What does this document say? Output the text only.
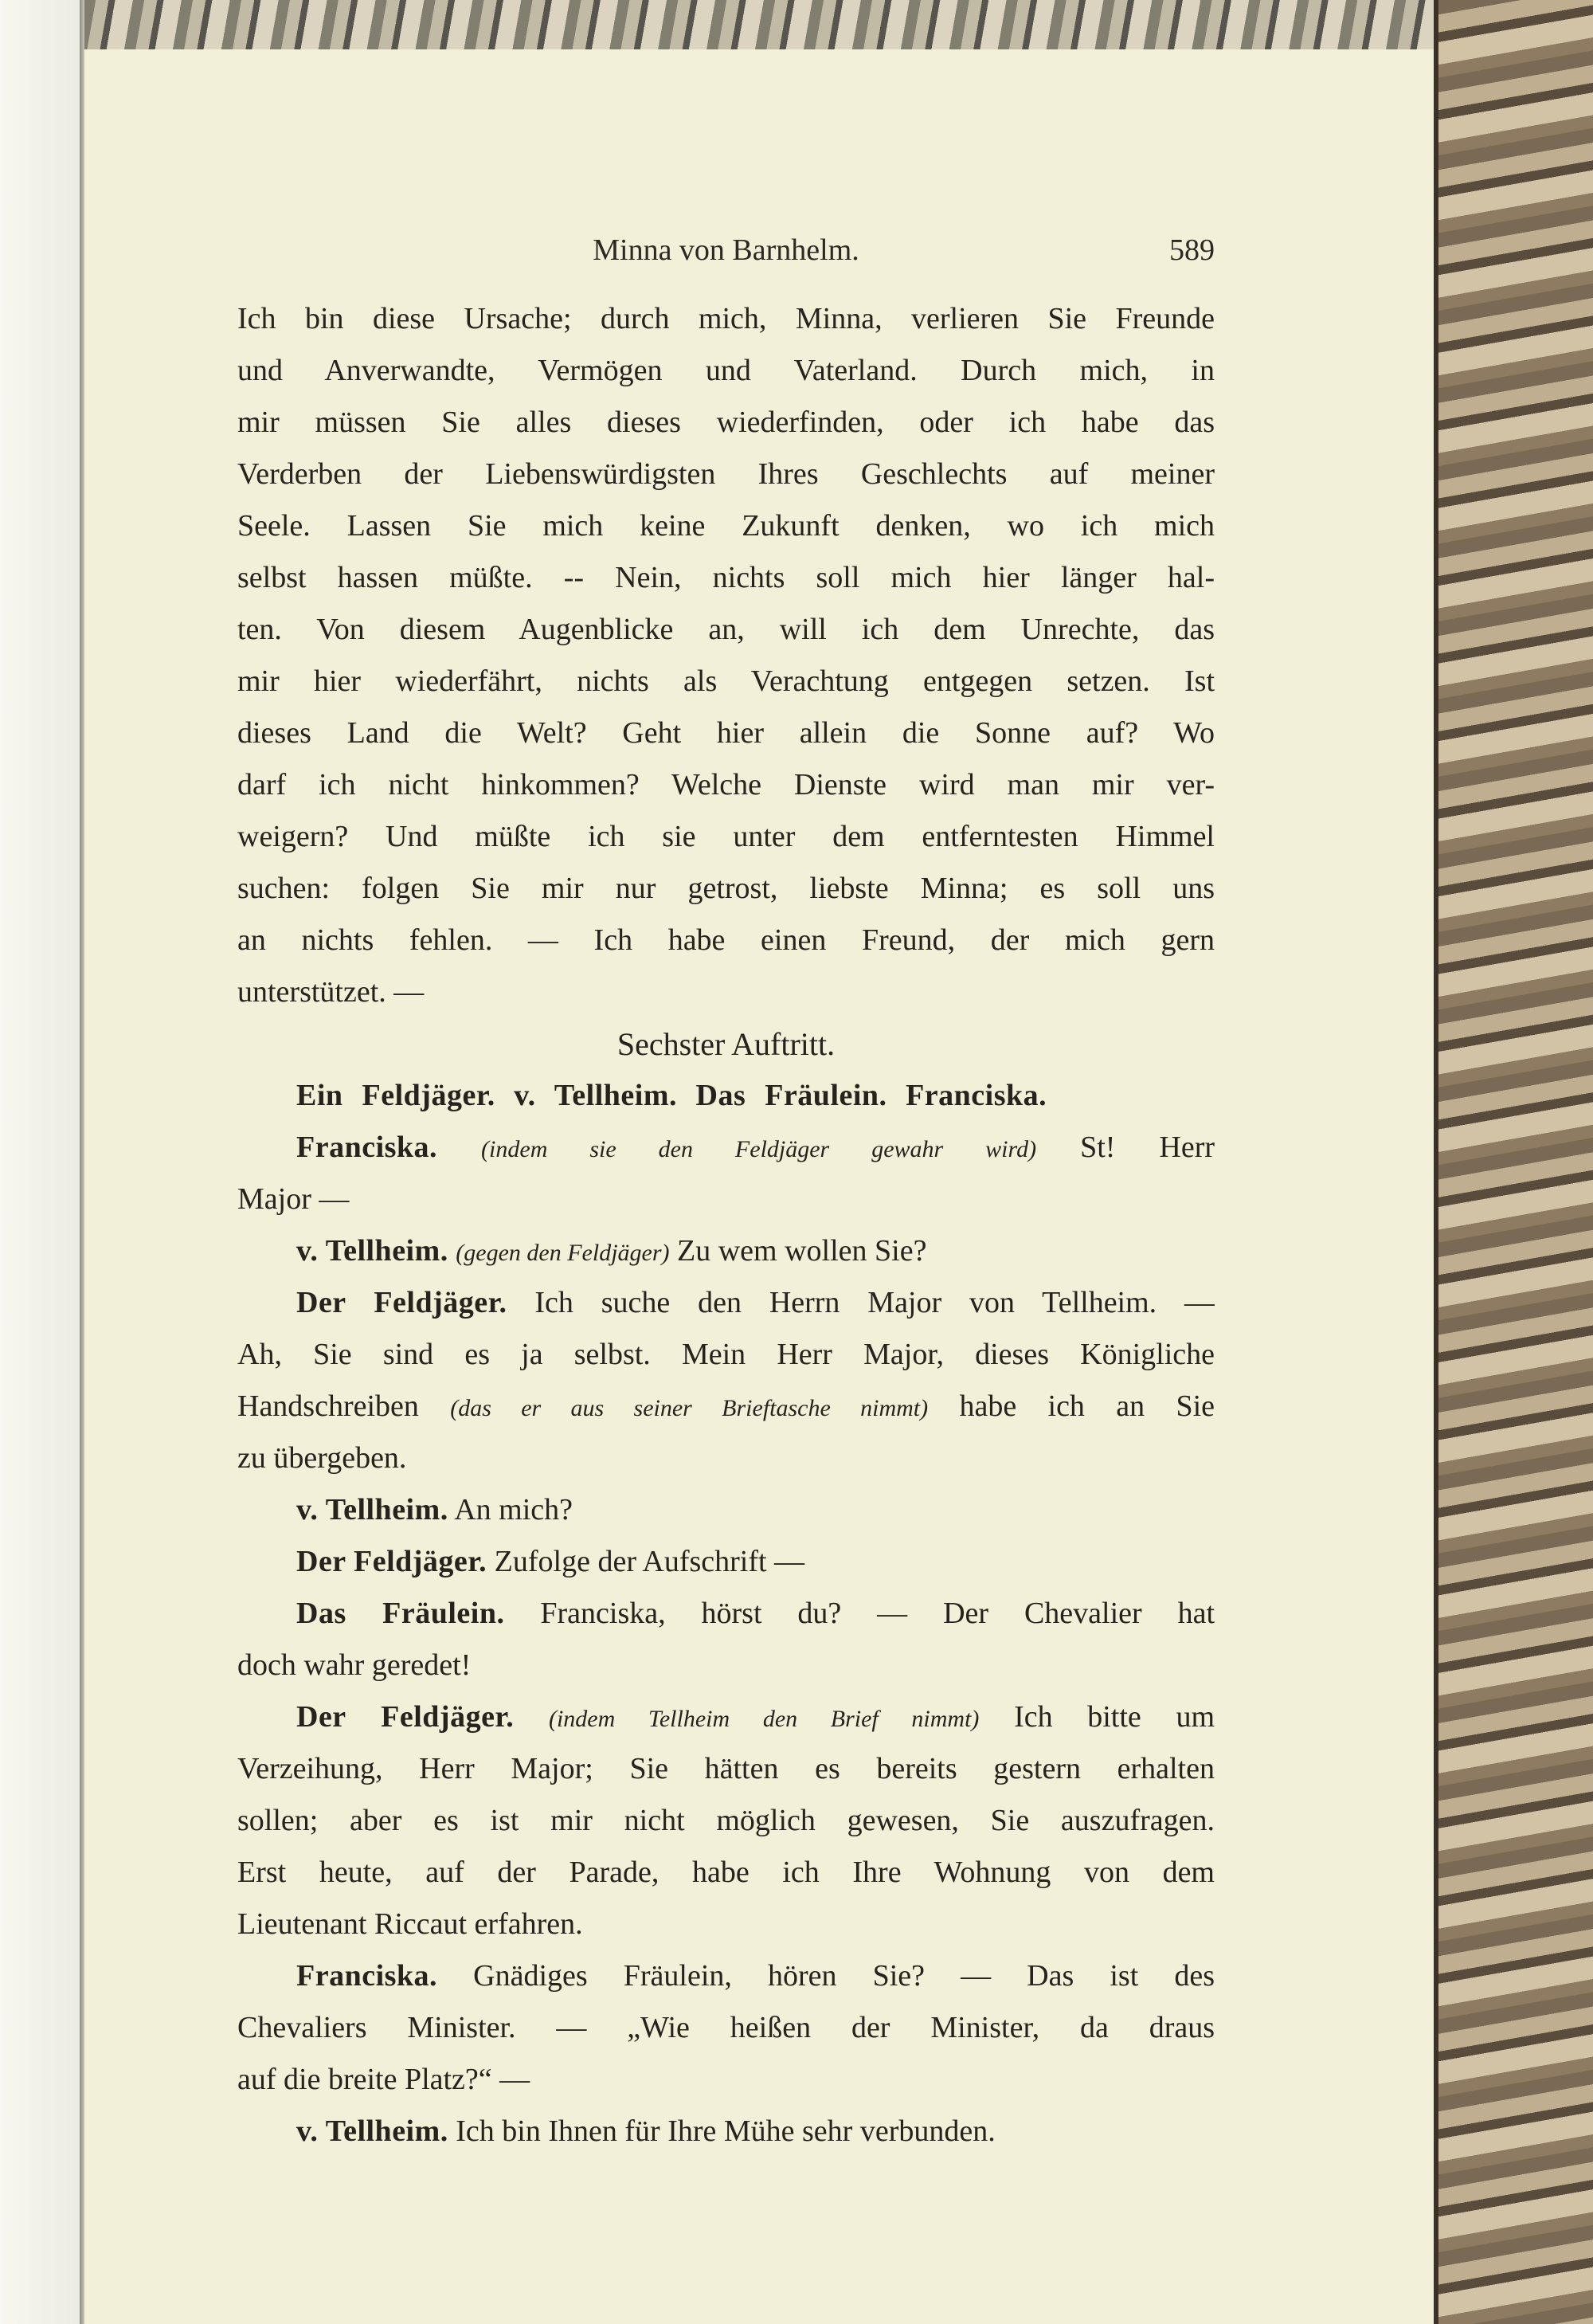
Minna von Barnhelm.	589
Ich bin diese Ursache; durch mich, Minna, verlieren Sie Freunde
und Anverwandte, Vermögen und Vaterland. Durch mich, in
mir müssen Sie alles dieses wiederfinden, oder ich habe das
Verderben der Liebenswürdigsten Ihres Geschlechts auf meiner
Seele. Lassen Sie mich keine Zukunft denken, wo ich mich
selbst hassen müßte. -- Nein, nichts soll mich hier länger hal-
ten. Von diesem Augenblicke an, will ich dem Unrechte, das
mir hier wiederfährt, nichts als Verachtung entgegen setzen. Ist
dieses Land die Welt? Geht hier allein die Sonne auf? Wo
darf ich nicht hinkommen? Welche Dienste wird man mir ver-
weigern? Und müßte ich sie unter dem entferntesten Himmel
suchen: folgen Sie mir nur getrost, liebste Minna; es soll uns
an nichts fehlen. — Ich habe einen Freund, der mich gern
unterstützet. —
Sechster Auftritt.
Ein Feldjäger. v. Tellheim. Das Fräulein. Franciska.
Franciska. (indem sie den Feldjäger gewahr wird) St! Herr
Major —
v. Tellheim. (gegen den Feldjäger) Zu wem wollen Sie?
Der Feldjäger. Ich suche den Herrn Major von Tellheim. —
Ah, Sie sind es ja selbst. Mein Herr Major, dieses Königliche
Handschreiben (das er aus seiner Brieftasche nimmt) habe ich an Sie
zu übergeben.
v. Tellheim. An mich?
Der Feldjäger. Zufolge der Aufschrift —
Das Fräulein. Franciska, hörst du? — Der Chevalier hat
doch wahr geredet!
Der Feldjäger. (indem Tellheim den Brief nimmt) Ich bitte um
Verzeihung, Herr Major; Sie hätten es bereits gestern erhalten
sollen; aber es ist mir nicht möglich gewesen, Sie auszufragen.
Erst heute, auf der Parade, habe ich Ihre Wohnung von dem
Lieutenant Riccaut erfahren.
Franciska. Gnädiges Fräulein, hören Sie? — Das ist des
Chevaliers Minister. — „Wie heißen der Minister, da draus
auf die breite Platz?“ —
v. Tellheim. Ich bin Ihnen für Ihre Mühe sehr verbunden.
